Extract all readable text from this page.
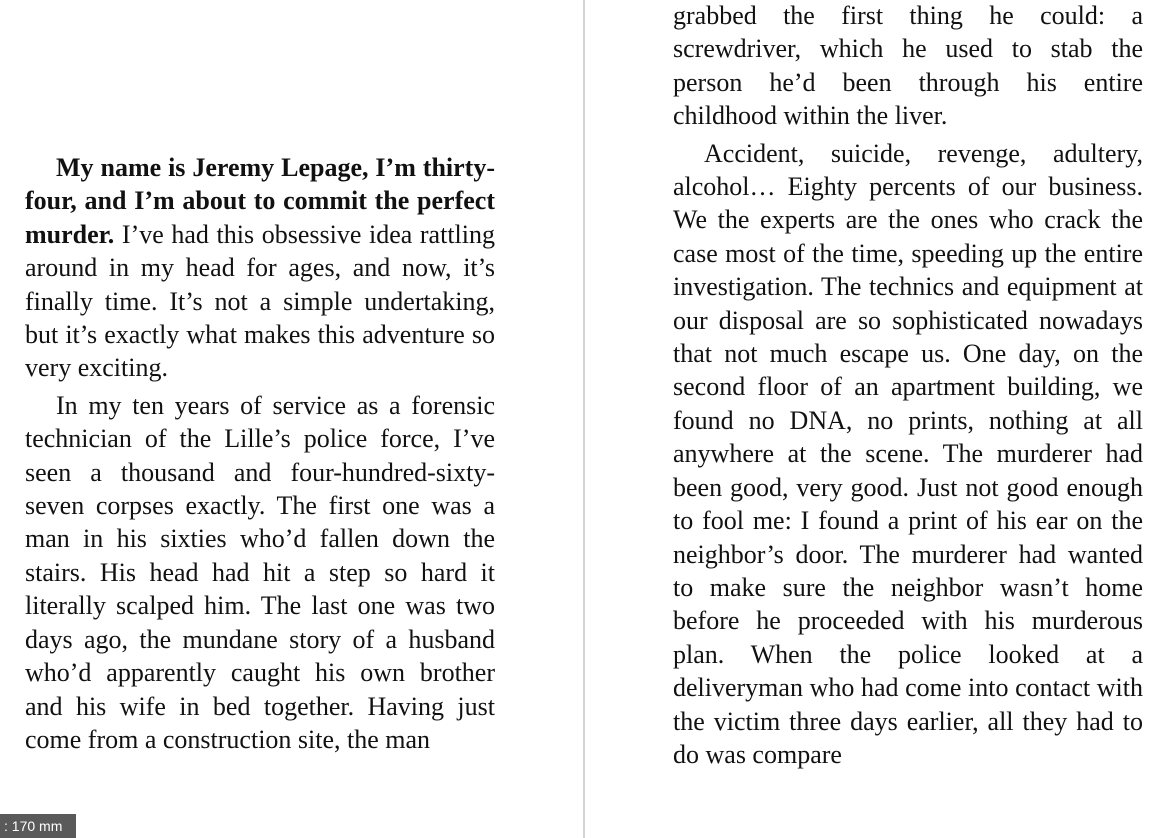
My name is Jeremy Lepage, I’m thirty-four, and I’m about to commit the perfect murder. I’ve had this obsessive idea rattling around in my head for ages, and now, it’s finally time. It’s not a simple undertaking, but it’s exactly what makes this adventure so very exciting.

In my ten years of service as a forensic technician of the Lille’s police force, I’ve seen a thousand and four-hundred-sixty-seven corpses exactly. The first one was a man in his sixties who’d fallen down the stairs. His head had hit a step so hard it literally scalped him. The last one was two days ago, the mundane story of a husband who’d apparently caught his own brother and his wife in bed together. Having just come from a construction site, the man

grabbed the first thing he could: a screwdriver, which he used to stab the person he’d been through his entire childhood within the liver.

Accident, suicide, revenge, adultery, alcohol… Eighty percents of our business. We the experts are the ones who crack the case most of the time, speeding up the entire investigation. The technics and equipment at our disposal are so sophisticated nowadays that not much escape us. One day, on the second floor of an apartment building, we found no DNA, no prints, nothing at all anywhere at the scene. The murderer had been good, very good. Just not good enough to fool me: I found a print of his ear on the neighbor’s door. The murderer had wanted to make sure the neighbor wasn’t home before he proceeded with his murderous plan. When the police looked at a deliveryman who had come into contact with the victim three days earlier, all they had to do was compare

: 170 mm
